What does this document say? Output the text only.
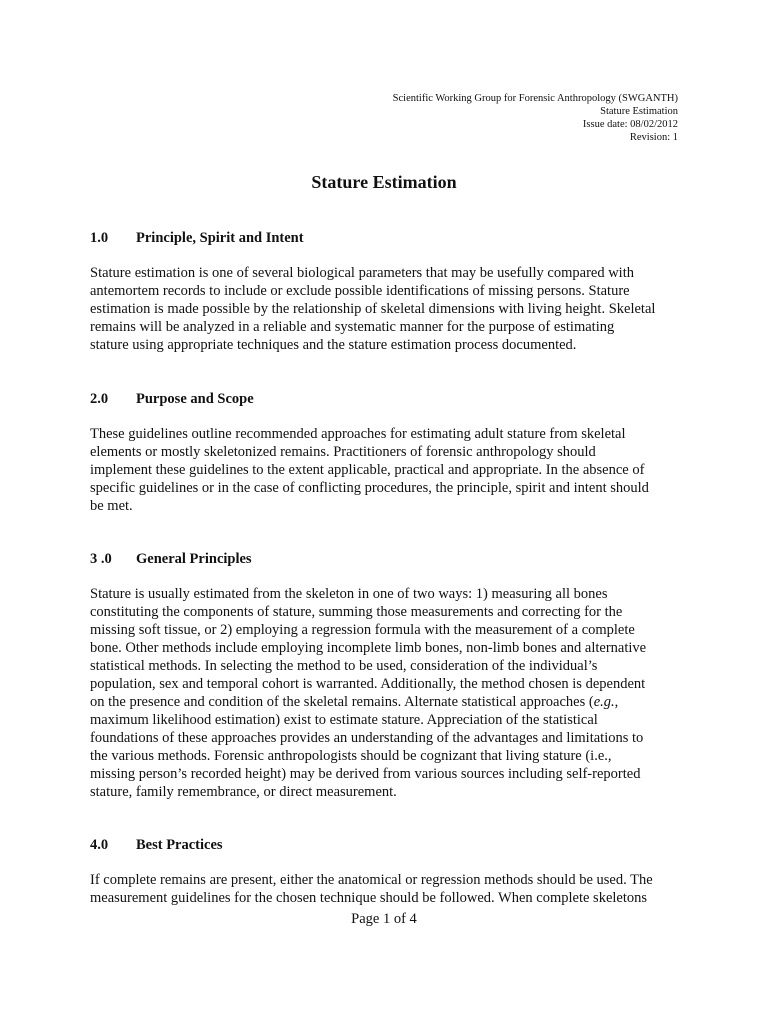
Scientific Working Group for Forensic Anthropology (SWGANTH)
Stature Estimation
Issue date: 08/02/2012
Revision: 1
Stature Estimation
1.0 Principle, Spirit and Intent
Stature estimation is one of several biological parameters that may be usefully compared with
antemortem records to include or exclude possible identifications of missing persons. Stature
estimation is made possible by the relationship of skeletal dimensions with living height. Skeletal
remains will be analyzed in a reliable and systematic manner for the purpose of estimating
stature using appropriate techniques and the stature estimation process documented.
2.0 Purpose and Scope
These guidelines outline recommended approaches for estimating adult stature from skeletal
elements or mostly skeletonized remains. Practitioners of forensic anthropology should
implement these guidelines to the extent applicable, practical and appropriate. In the absence of
specific guidelines or in the case of conflicting procedures, the principle, spirit and intent should
be met.
3 .0 General Principles
Stature is usually estimated from the skeleton in one of two ways: 1) measuring all bones
constituting the components of stature, summing those measurements and correcting for the
missing soft tissue, or 2) employing a regression formula with the measurement of a complete
bone. Other methods include employing incomplete limb bones, non-limb bones and alternative
statistical methods. In selecting the method to be used, consideration of the individual’s
population, sex and temporal cohort is warranted. Additionally, the method chosen is dependent
on the presence and condition of the skeletal remains. Alternate statistical approaches (e.g.,
maximum likelihood estimation) exist to estimate stature. Appreciation of the statistical
foundations of these approaches provides an understanding of the advantages and limitations to
the various methods. Forensic anthropologists should be cognizant that living stature (i.e.,
missing person’s recorded height) may be derived from various sources including self-reported
stature, family remembrance, or direct measurement.
4.0 Best Practices
If complete remains are present, either the anatomical or regression methods should be used. The
measurement guidelines for the chosen technique should be followed. When complete skeletons
Page 1 of 4
